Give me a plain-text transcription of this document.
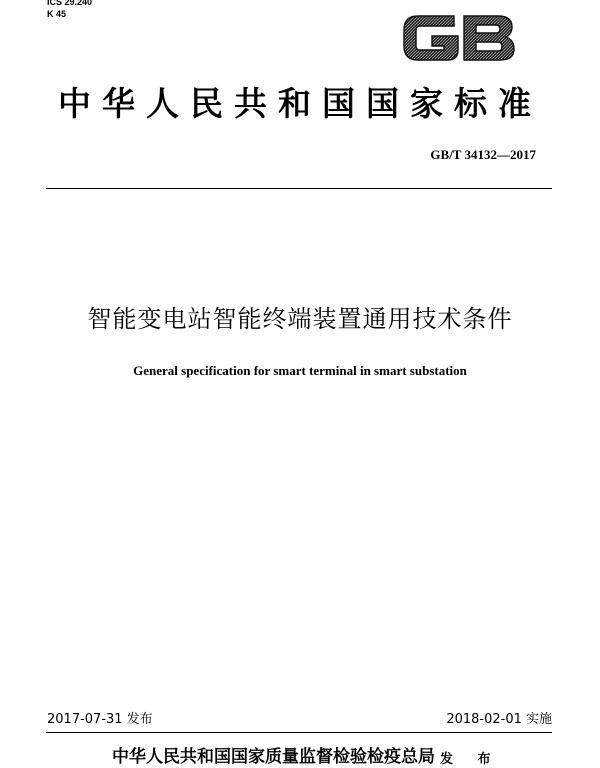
ICS 29.240
K 45
中华人民共和国国家标准
GB/T 34132—2017
智能变电站智能终端装置通用技术条件
General specification for smart terminal in smart substation
2017-07-31 发布	2018-02-01 实施
中华人民共和国国家质量监督检验检疫总局 发 布
